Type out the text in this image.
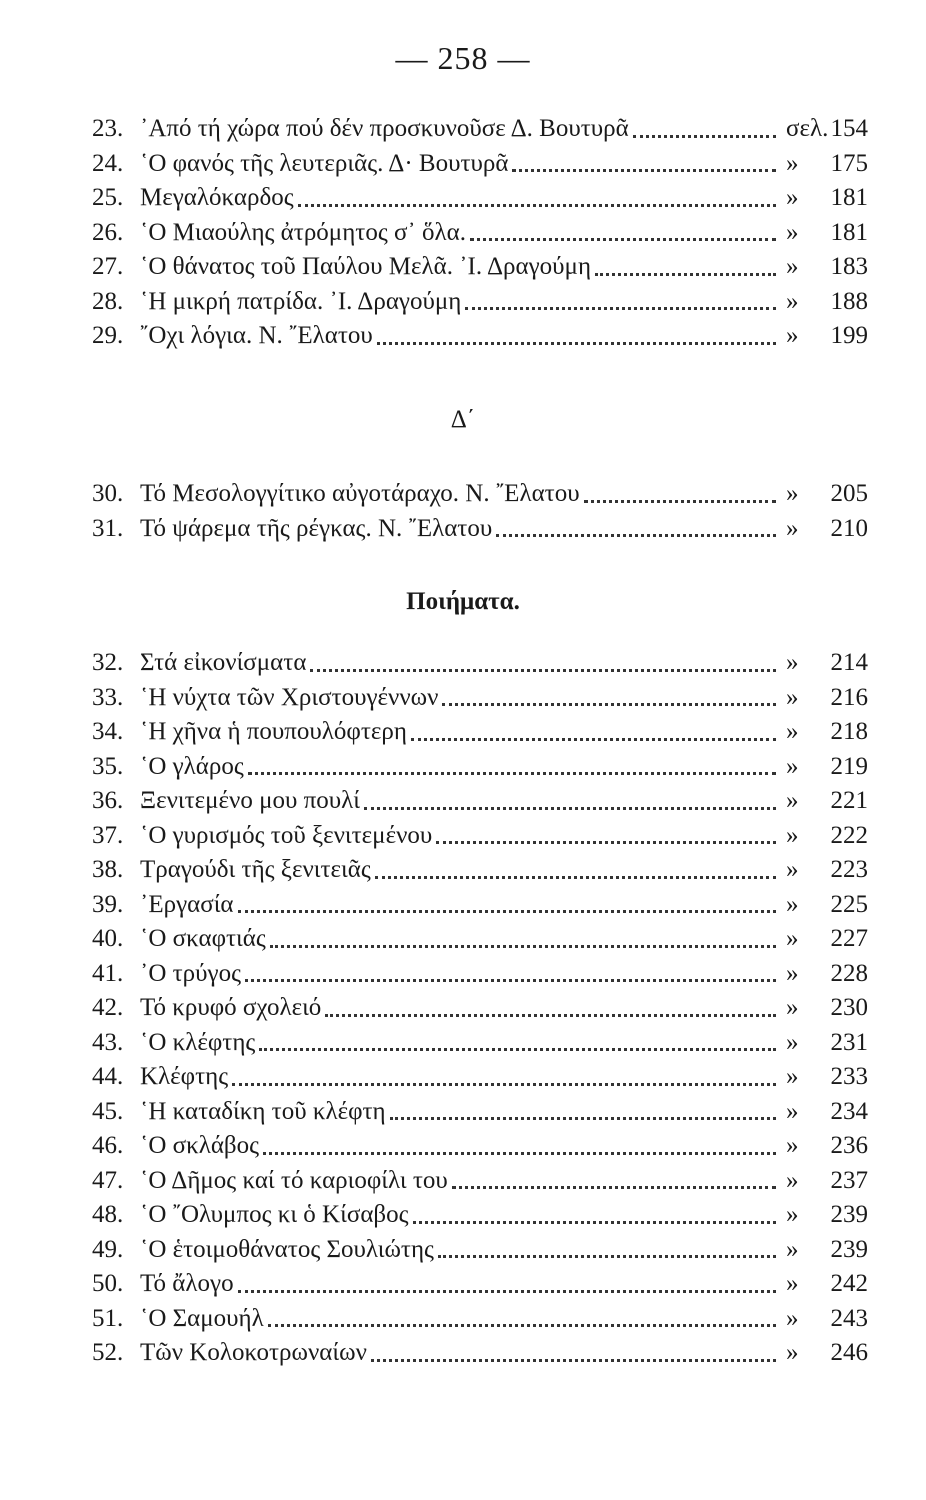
— 258 —
23. ᾽Από τή χώρα πού δέν προσκυνοῦσε Δ. Βουτυρᾶ	σελ. 154
24. ῾Ο φανός τῆς λευτεριᾶς. Δ· Βουτυρᾶ	»	175
25. Μεγαλόκαρδος	»	181
26. ῾Ο Μιαούλης ἀτρόμητος σ᾽ ὅλα.	»	181
27. ῾Ο θάνατος τοῦ Παύλου Μελᾶ. ᾽Ι. Δραγούμη	»	183
28. ῾Η μικρή πατρίδα. ᾽Ι. Δραγούμη	»	188
29. ῎Οχι λόγια. Ν. ῎Ελατου	»	199
Δ΄
30. Τό Μεσολογγίτικο αὐγοτάραχο. Ν. ῎Ελατου	»	205
31. Τό ψάρεμα τῆς ρέγκας. Ν. ῎Ελατου	»	210
Ποιήματα.
32. Στά εἰκονίσματα	»	214
33. ῾Η νύχτα τῶν Χριστουγέννων	»	216
34. ῾Η χῆνα ἡ πουπουλόφτερη	»	218
35. ῾Ο γλάρος	»	219
36. Ξενιτεμένο μου πουλί	»	221
37. ῾Ο γυρισμός τοῦ ξενιτεμένου	»	222
38. Τραγούδι τῆς ξενιτειᾶς	»	223
39. ᾽Εργασία	»	225
40. ῾Ο σκαφτιάς	»	227
41. ᾽Ο τρύγος	»	228
42. Τό κρυφό σχολειό	»	230
43. ῾Ο κλέφτης	»	231
44. Κλέφτης	»	233
45. ῾Η καταδίκη τοῦ κλέφτη	»	234
46. ῾Ο σκλάβος	»	236
47. ῾Ο Δῆμος καί τό καριοφίλι του	»	237
48. ῾Ο ῎Ολυμπος κι ὁ Κίσαβος	»	239
49. ῾Ο ἑτοιμοθάνατος Σουλιώτης	»	239
50. Τό ἄλογο	»	242
51. ῾Ο Σαμουήλ	»	243
52. Τῶν Κολοκοτρωναίων	»	246
